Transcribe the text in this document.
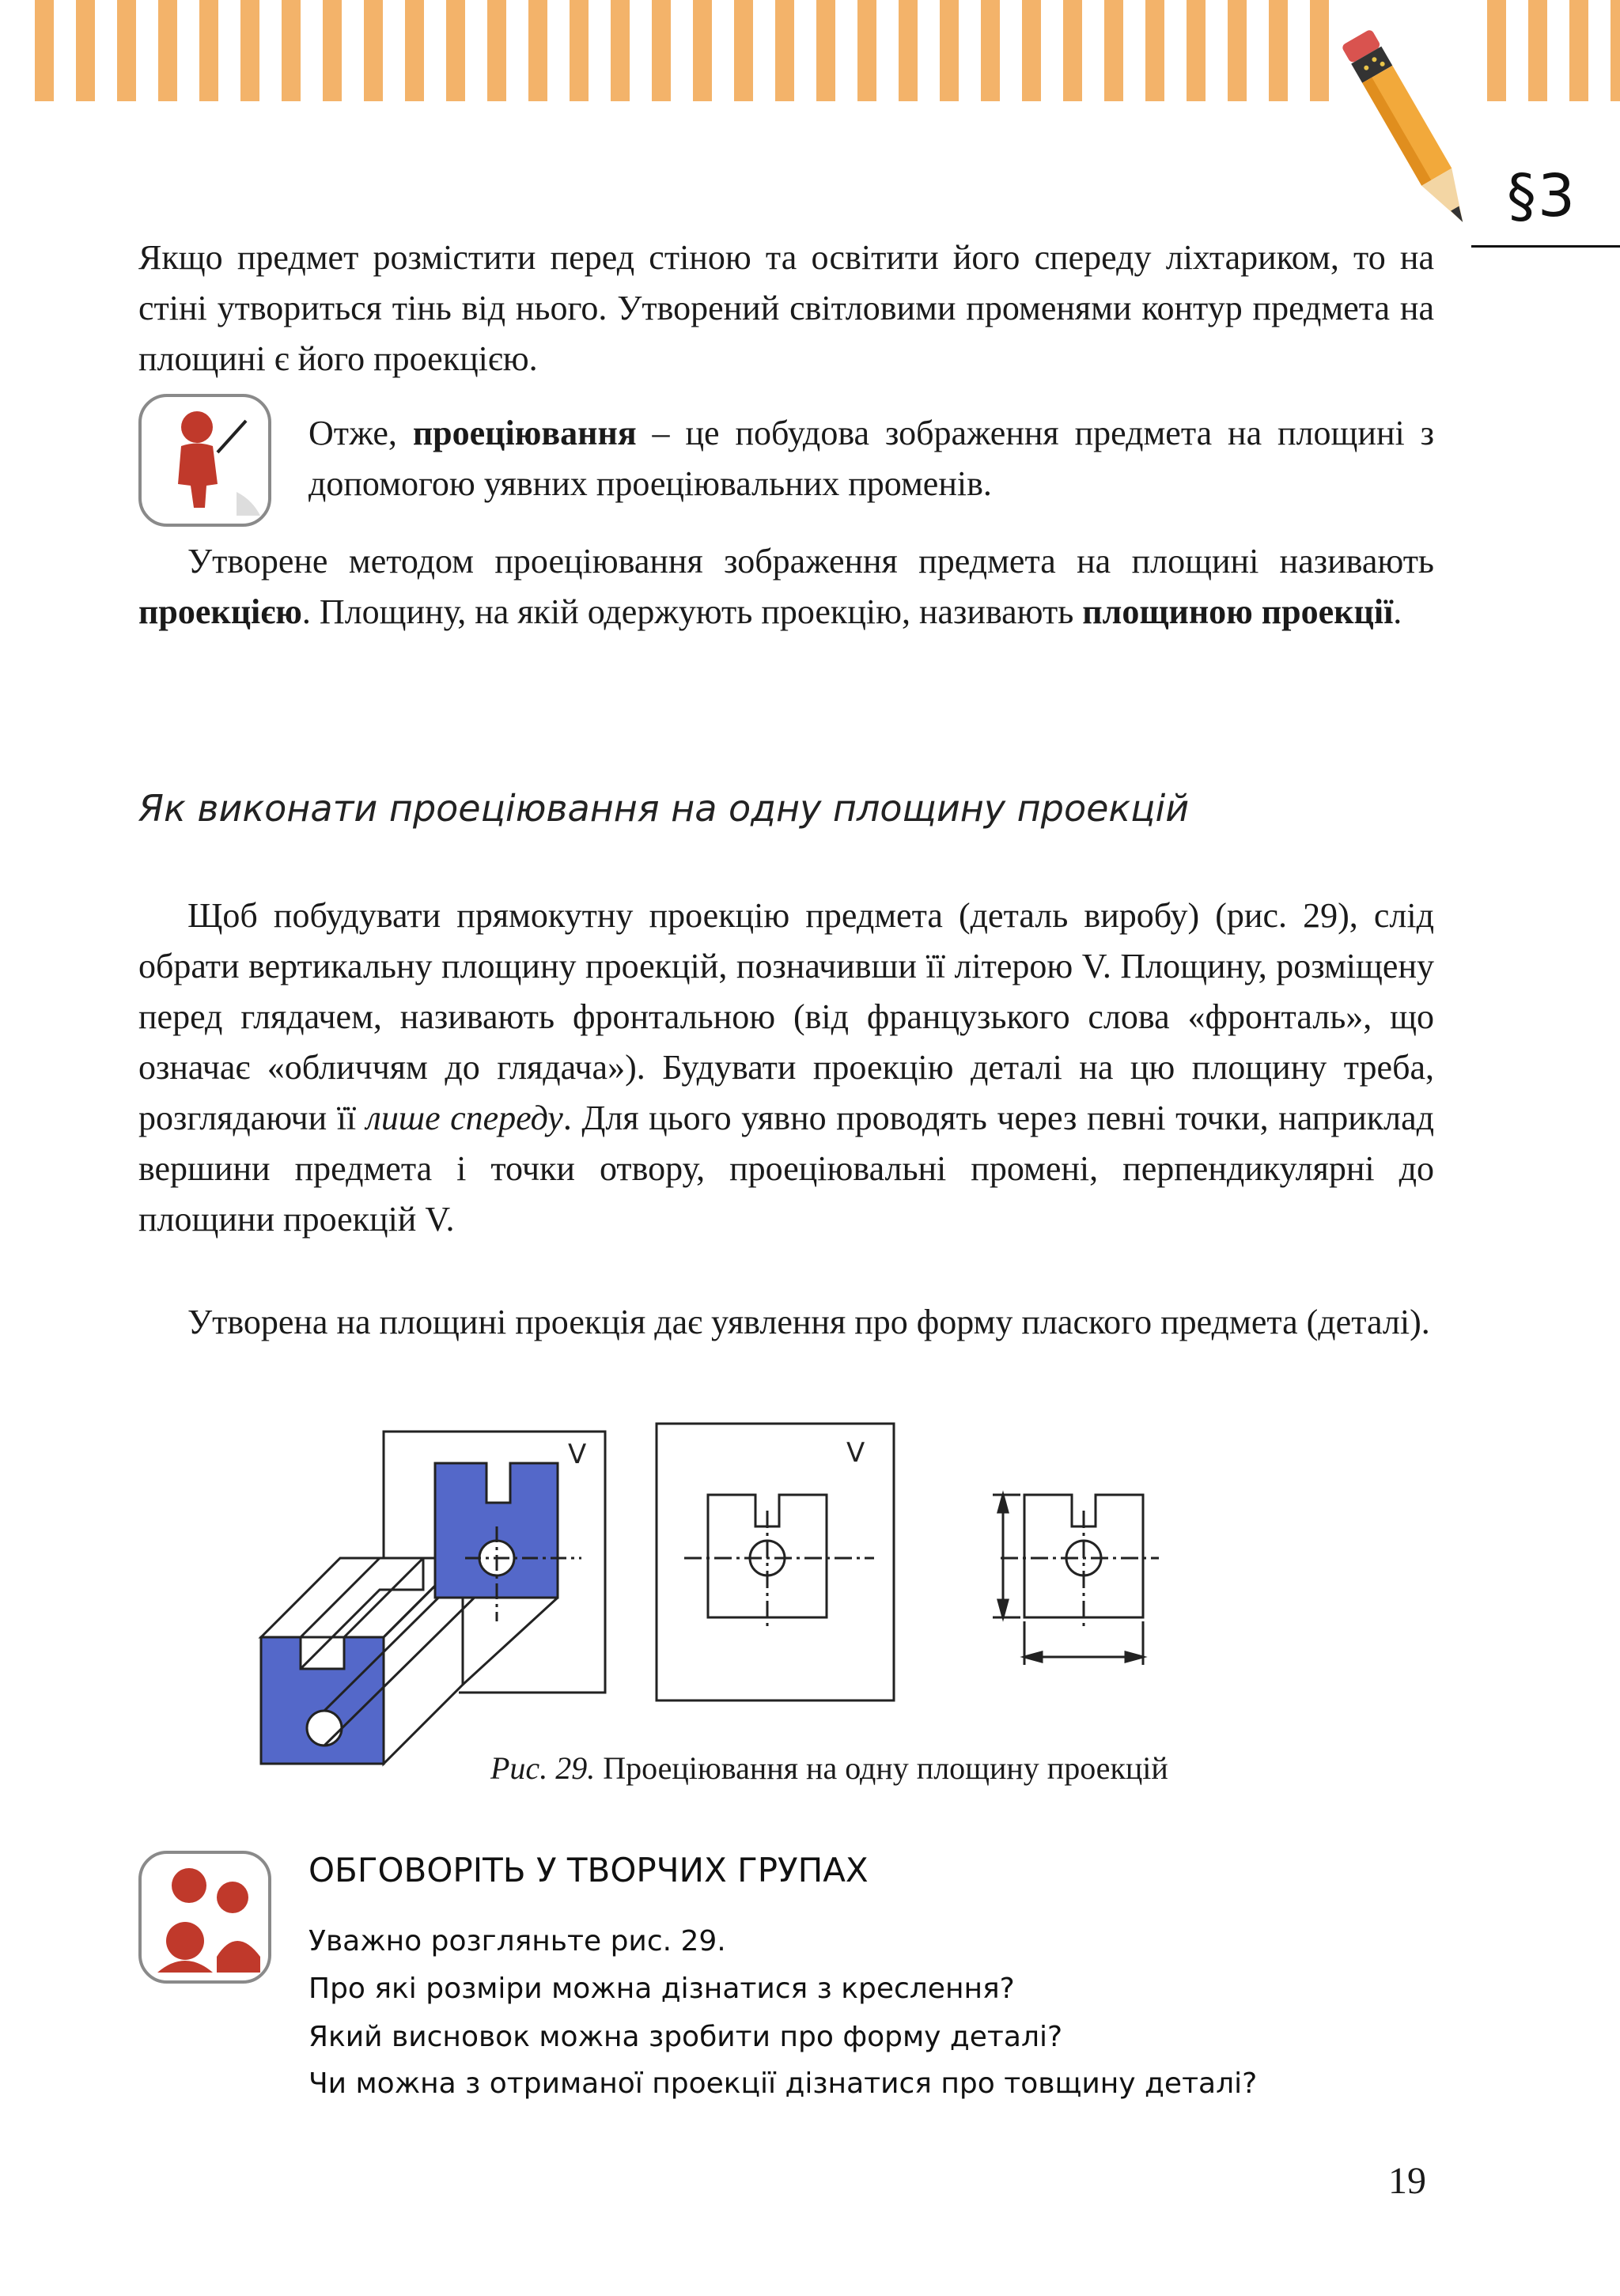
§3
Якщо предмет розмістити перед стіною та освітити його спереду ліхтариком, то на стіні утвориться тінь від нього. Утворений світловими променями контур предмета на площині є його проекцією.
Отже, проеціювання – це побудова зображення предмета на площині з допомогою уявних проеціювальних променів.
Утворене методом проеціювання зображення предмета на площині називають проекцією. Площину, на якій одержують проекцію, називають площиною проекції.
Як виконати проеціювання на одну площину проекцій
Щоб побудувати прямокутну проекцію предмета (деталь виробу) (рис. 29), слід обрати вертикальну площину проекцій, позначивши її літерою V. Площину, розміщену перед глядачем, називають фронтальною (від французького слова «фронталь», що означає «обличчям до глядача»). Будувати проекцію деталі на цю площину треба, розглядаючи її лише спереду. Для цього уявно проводять через певні точки, наприклад вершини предмета і точки отвору, проеціювальні промені, перпендикулярні до площини проекцій V.
Утворена на площині проекція дає уявлення про форму плаского предмета (деталі).
V	V
Рис. 29. Проеціювання на одну площину проекцій
ОБГОВОРІТЬ У ТВОРЧИХ ГРУПАХ
Уважно розгляньте рис. 29.
Про які розміри можна дізнатися з креслення?
Який висновок можна зробити про форму деталі?
Чи можна з отриманої проекції дізнатися про товщину деталі?
19
